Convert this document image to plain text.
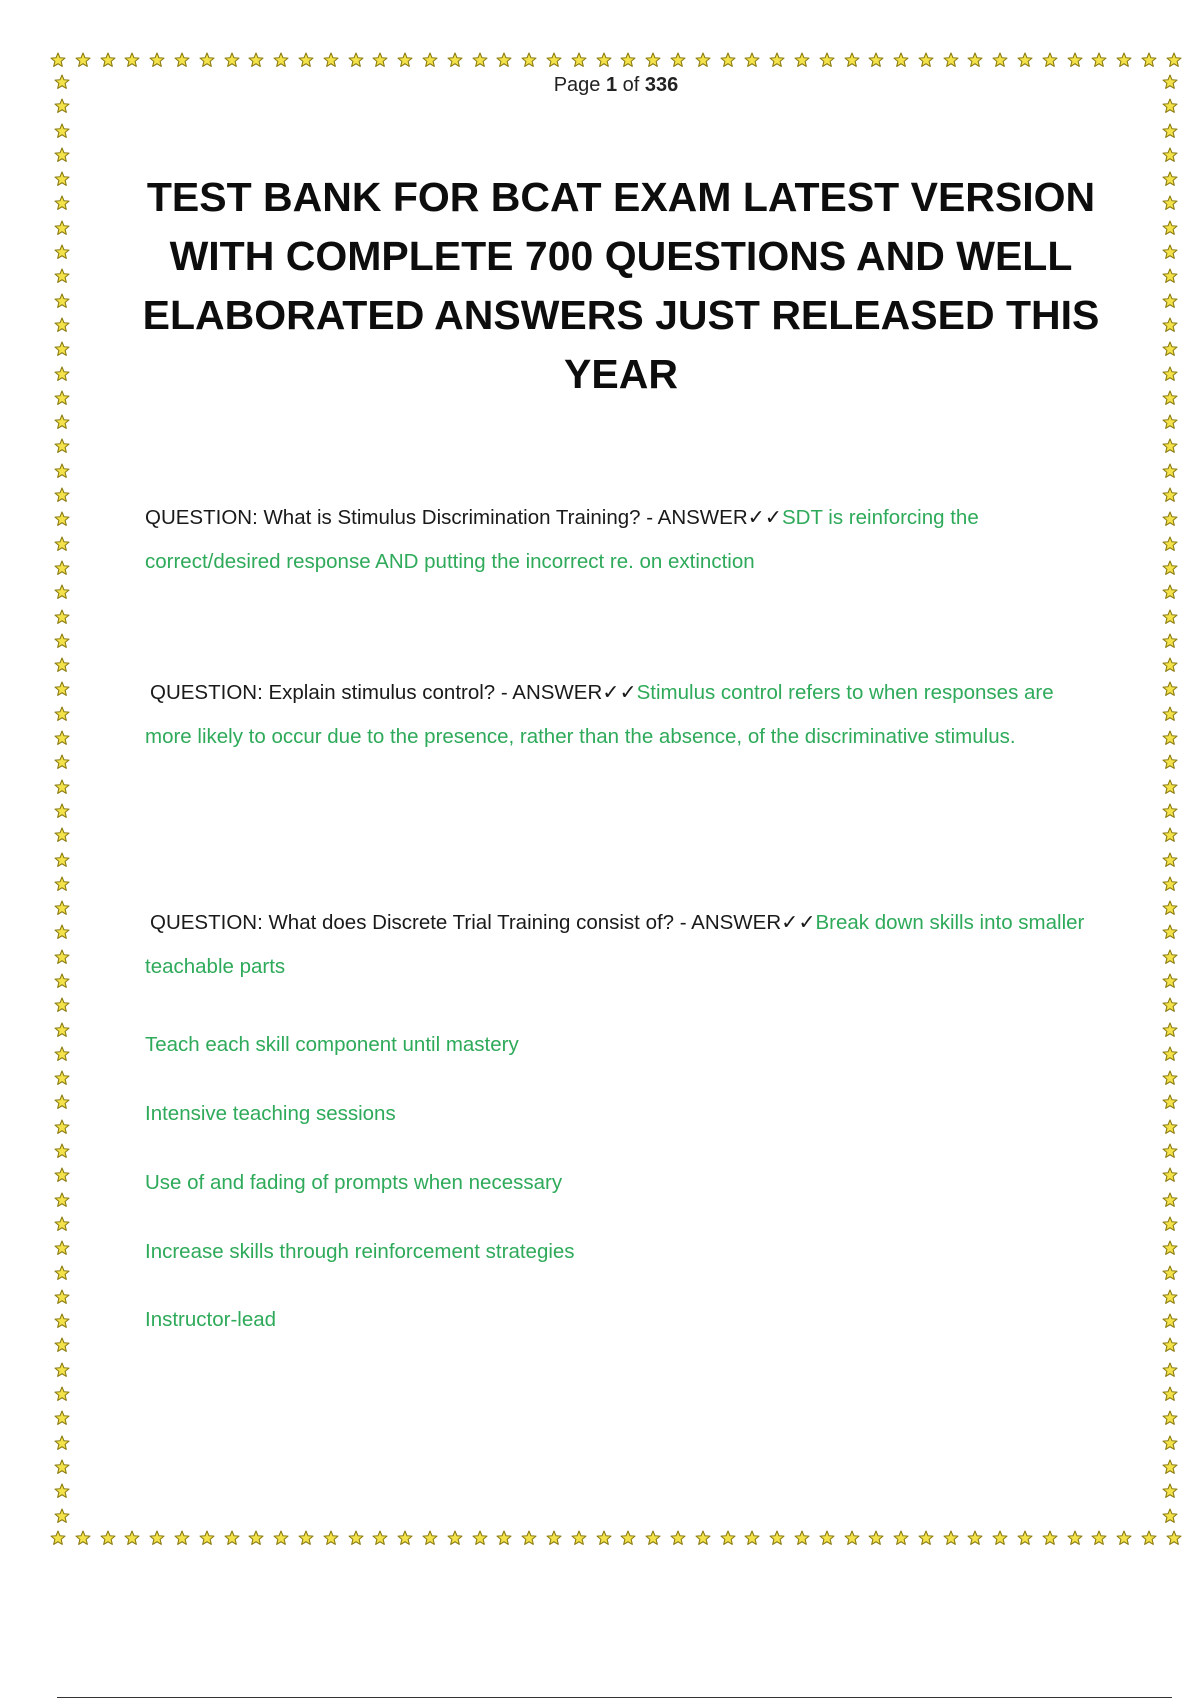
Page 1 of 336
TEST BANK FOR BCAT EXAM LATEST VERSION WITH COMPLETE 700 QUESTIONS AND WELL ELABORATED ANSWERS JUST RELEASED THIS YEAR
QUESTION: What is Stimulus Discrimination Training? - ANSWER✓✓SDT is reinforcing the correct/desired response AND putting the incorrect re. on extinction
QUESTION: Explain stimulus control? - ANSWER✓✓Stimulus control refers to when responses are more likely to occur due to the presence, rather than the absence, of the discriminative stimulus.
QUESTION: What does Discrete Trial Training consist of? - ANSWER✓✓Break down skills into smaller teachable parts
Teach each skill component until mastery
Intensive teaching sessions
Use of and fading of prompts when necessary
Increase skills through reinforcement strategies
Instructor-lead
